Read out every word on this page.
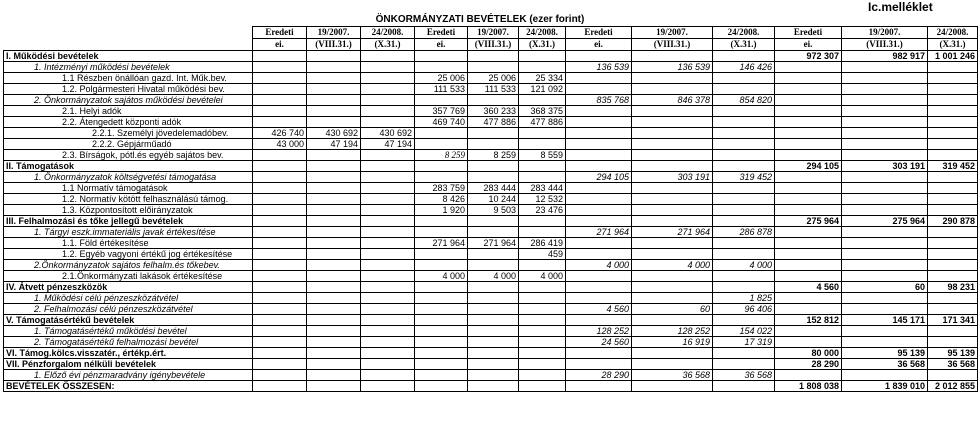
Ic.melléklet
ÖNKORMÁNYZATI BEVÉTELEK (ezer forint)
	Eredeti	19/2007.	24/2008.	Eredeti	19/2007.	24/2008.	Eredeti	19/2007.	24/2008.	Eredeti	19/2007.	24/2008.
	ei.	(VIII.31.)	(X.31.)	ei.	(VIII.31.)	(X.31.)	ei.	(VIII.31.)	(X.31.)	ei.	(VIII.31.)	(X.31.)
I. Működési bevételek										972 307	982 917	1 001 246
1. Intézményi működési bevételek							136 539	136 539	146 426			
1.1 Részben önállóan gazd. Int. Műk.bev.				25 006	25 006	25 334						
1.2. Polgármesteri Hivatal működési bev.				111 533	111 533	121 092						
2. Önkormányzatok sajátos működési bevételei							835 768	846 378	854 820			
2.1. Helyi adók				357 769	360 233	368 375						
2.2. Átengedett központi adók				469 740	477 886	477 886						
2.2.1. Személyi jövedelemadóbev.	426 740	430 692	430 692									
2.2.2. Gépjárműadó	43 000	47 194	47 194									
2.3. Bírságok, pótl.és egyéb sajátos bev.				8 259	8 259	8 559						
II. Támogatások										294 105	303 191	319 452
1. Önkormányzatok költségvetési támogatása							294 105	303 191	319 452			
1.1 Normatív támogatások				283 759	283 444	283 444						
1.2. Normatív kötött felhasználású támog.				8 426	10 244	12 532						
1.3. Központosított előirányzatok				1 920	9 503	23 476						
III. Felhalmozási és tőke jellegű bevételek										275 964	275 964	290 878
1. Tárgyi eszk.immateriális javak értékesítése							271 964	271 964	286 878			
1.1. Föld értékesítése				271 964	271 964	286 419						
1.2. Egyéb vagyoni értékű jog értékesítése						459						
2.Önkormányzatok sajátos felhalm.és tőkebev.							4 000	4 000	4 000			
2.1.Önkormányzati lakások értékesítése				4 000	4 000	4 000						
IV. Átvett pénzeszközök										4 560	60	98 231
1. Működési célú pénzeszközátvétel									1 825			
2. Felhalmozási célú pénzeszközátvétel							4 560	60	96 406			
V. Támogatásértékű bevételek										152 812	145 171	171 341
1. Támogatásértékű működési bevétel							128 252	128 252	154 022			
2. Támogatásértékű felhalmozási bevétel							24 560	16 919	17 319			
VI. Támog.kölcs.visszatér., értékp.ért.										80 000	95 139	95 139
VII. Pénzforgalom nélküli bevételek										28 290	36 568	36 568
1. Előző évi pénzmaradvány igénybevétele							28 290	36 568	36 568			
BEVÉTELEK ÖSSZESEN:										1 808 038	1 839 010	2 012 855
